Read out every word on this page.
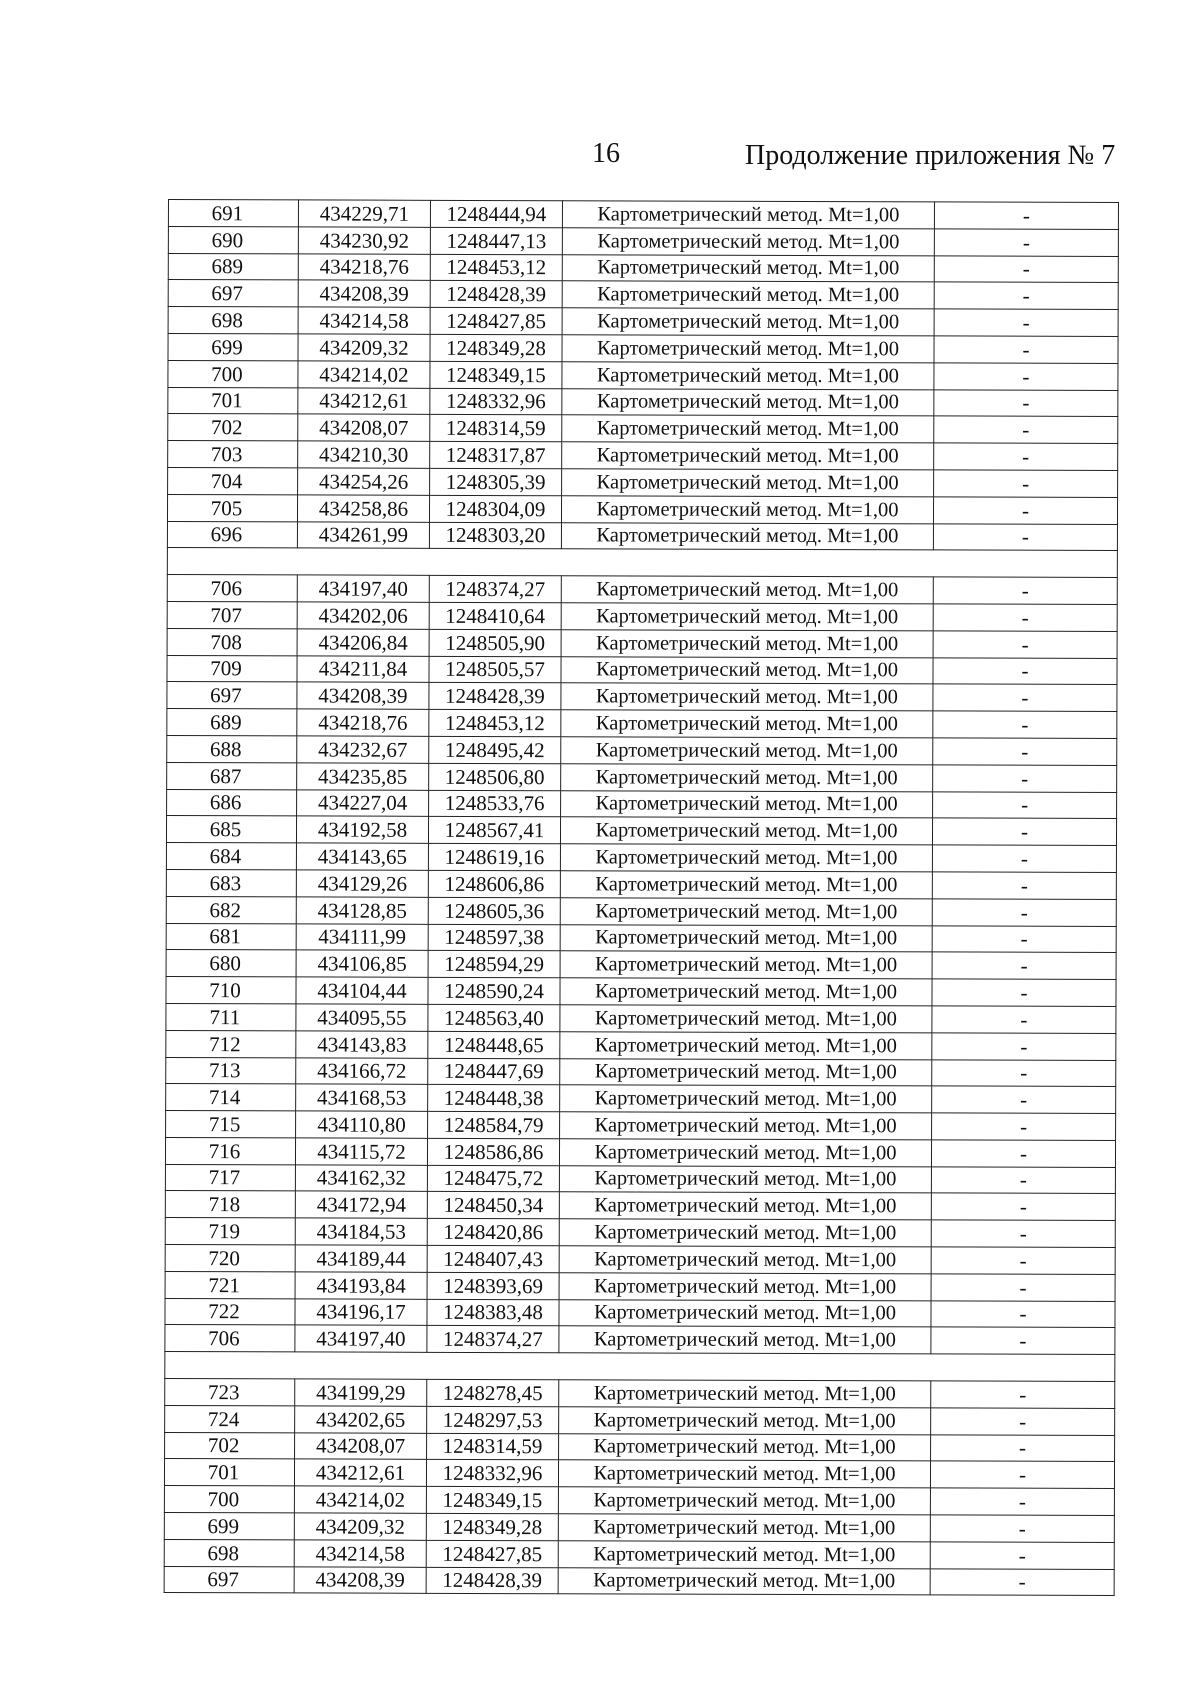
16	Продолжение приложения № 7
691	434229,71	1248444,94	Картометрический метод. Mt=1,00	-
690	434230,92	1248447,13	Картометрический метод. Mt=1,00	-
689	434218,76	1248453,12	Картометрический метод. Mt=1,00	-
697	434208,39	1248428,39	Картометрический метод. Mt=1,00	-
698	434214,58	1248427,85	Картометрический метод. Mt=1,00	-
699	434209,32	1248349,28	Картометрический метод. Mt=1,00	-
700	434214,02	1248349,15	Картометрический метод. Mt=1,00	-
701	434212,61	1248332,96	Картометрический метод. Mt=1,00	-
702	434208,07	1248314,59	Картометрический метод. Mt=1,00	-
703	434210,30	1248317,87	Картометрический метод. Mt=1,00	-
704	434254,26	1248305,39	Картометрический метод. Mt=1,00	-
705	434258,86	1248304,09	Картометрический метод. Mt=1,00	-
696	434261,99	1248303,20	Картометрический метод. Mt=1,00	-

706	434197,40	1248374,27	Картометрический метод. Mt=1,00	-
707	434202,06	1248410,64	Картометрический метод. Mt=1,00	-
708	434206,84	1248505,90	Картометрический метод. Mt=1,00	-
709	434211,84	1248505,57	Картометрический метод. Mt=1,00	-
697	434208,39	1248428,39	Картометрический метод. Mt=1,00	-
689	434218,76	1248453,12	Картометрический метод. Mt=1,00	-
688	434232,67	1248495,42	Картометрический метод. Mt=1,00	-
687	434235,85	1248506,80	Картометрический метод. Mt=1,00	-
686	434227,04	1248533,76	Картометрический метод. Mt=1,00	-
685	434192,58	1248567,41	Картометрический метод. Mt=1,00	-
684	434143,65	1248619,16	Картометрический метод. Mt=1,00	-
683	434129,26	1248606,86	Картометрический метод. Mt=1,00	-
682	434128,85	1248605,36	Картометрический метод. Mt=1,00	-
681	434111,99	1248597,38	Картометрический метод. Mt=1,00	-
680	434106,85	1248594,29	Картометрический метод. Mt=1,00	-
710	434104,44	1248590,24	Картометрический метод. Mt=1,00	-
711	434095,55	1248563,40	Картометрический метод. Mt=1,00	-
712	434143,83	1248448,65	Картометрический метод. Mt=1,00	-
713	434166,72	1248447,69	Картометрический метод. Mt=1,00	-
714	434168,53	1248448,38	Картометрический метод. Mt=1,00	-
715	434110,80	1248584,79	Картометрический метод. Mt=1,00	-
716	434115,72	1248586,86	Картометрический метод. Mt=1,00	-
717	434162,32	1248475,72	Картометрический метод. Mt=1,00	-
718	434172,94	1248450,34	Картометрический метод. Mt=1,00	-
719	434184,53	1248420,86	Картометрический метод. Mt=1,00	-
720	434189,44	1248407,43	Картометрический метод. Mt=1,00	-
721	434193,84	1248393,69	Картометрический метод. Mt=1,00	-
722	434196,17	1248383,48	Картометрический метод. Mt=1,00	-
706	434197,40	1248374,27	Картометрический метод. Mt=1,00	-

723	434199,29	1248278,45	Картометрический метод. Mt=1,00	-
724	434202,65	1248297,53	Картометрический метод. Mt=1,00	-
702	434208,07	1248314,59	Картометрический метод. Mt=1,00	-
701	434212,61	1248332,96	Картометрический метод. Mt=1,00	-
700	434214,02	1248349,15	Картометрический метод. Mt=1,00	-
699	434209,32	1248349,28	Картометрический метод. Mt=1,00	-
698	434214,58	1248427,85	Картометрический метод. Mt=1,00	-
697	434208,39	1248428,39	Картометрический метод. Mt=1,00	-
